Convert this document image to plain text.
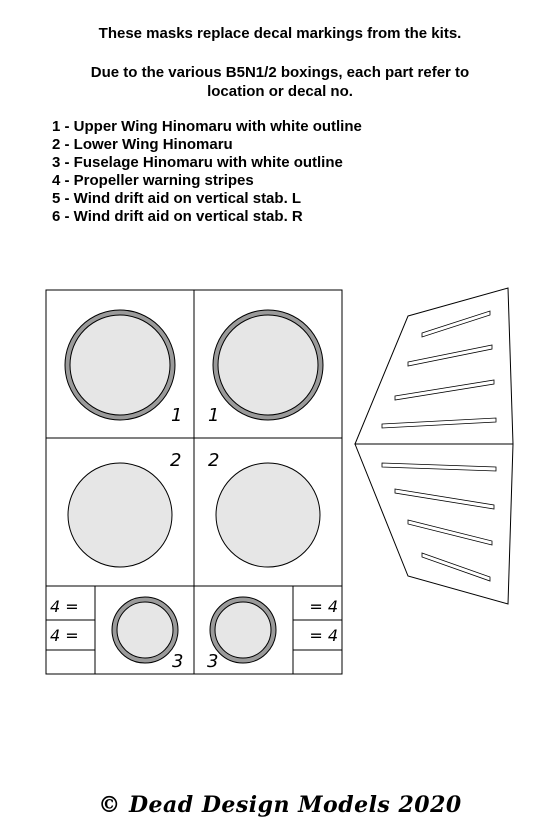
These masks replace decal markings from the kits.
Due to the various B5N1/2 boxings, each part refer to location or decal no.
1 - Upper Wing Hinomaru with white outline
2 - Lower Wing Hinomaru
3 - Fuselage Hinomaru with white outline
4 - Propeller warning stripes
5 - Wind drift aid on vertical stab. L
6 - Wind drift aid on vertical stab. R
1 1
2 2
3 3
4 =
4 =
= 4
= 4
© Dead Design Models 2020
